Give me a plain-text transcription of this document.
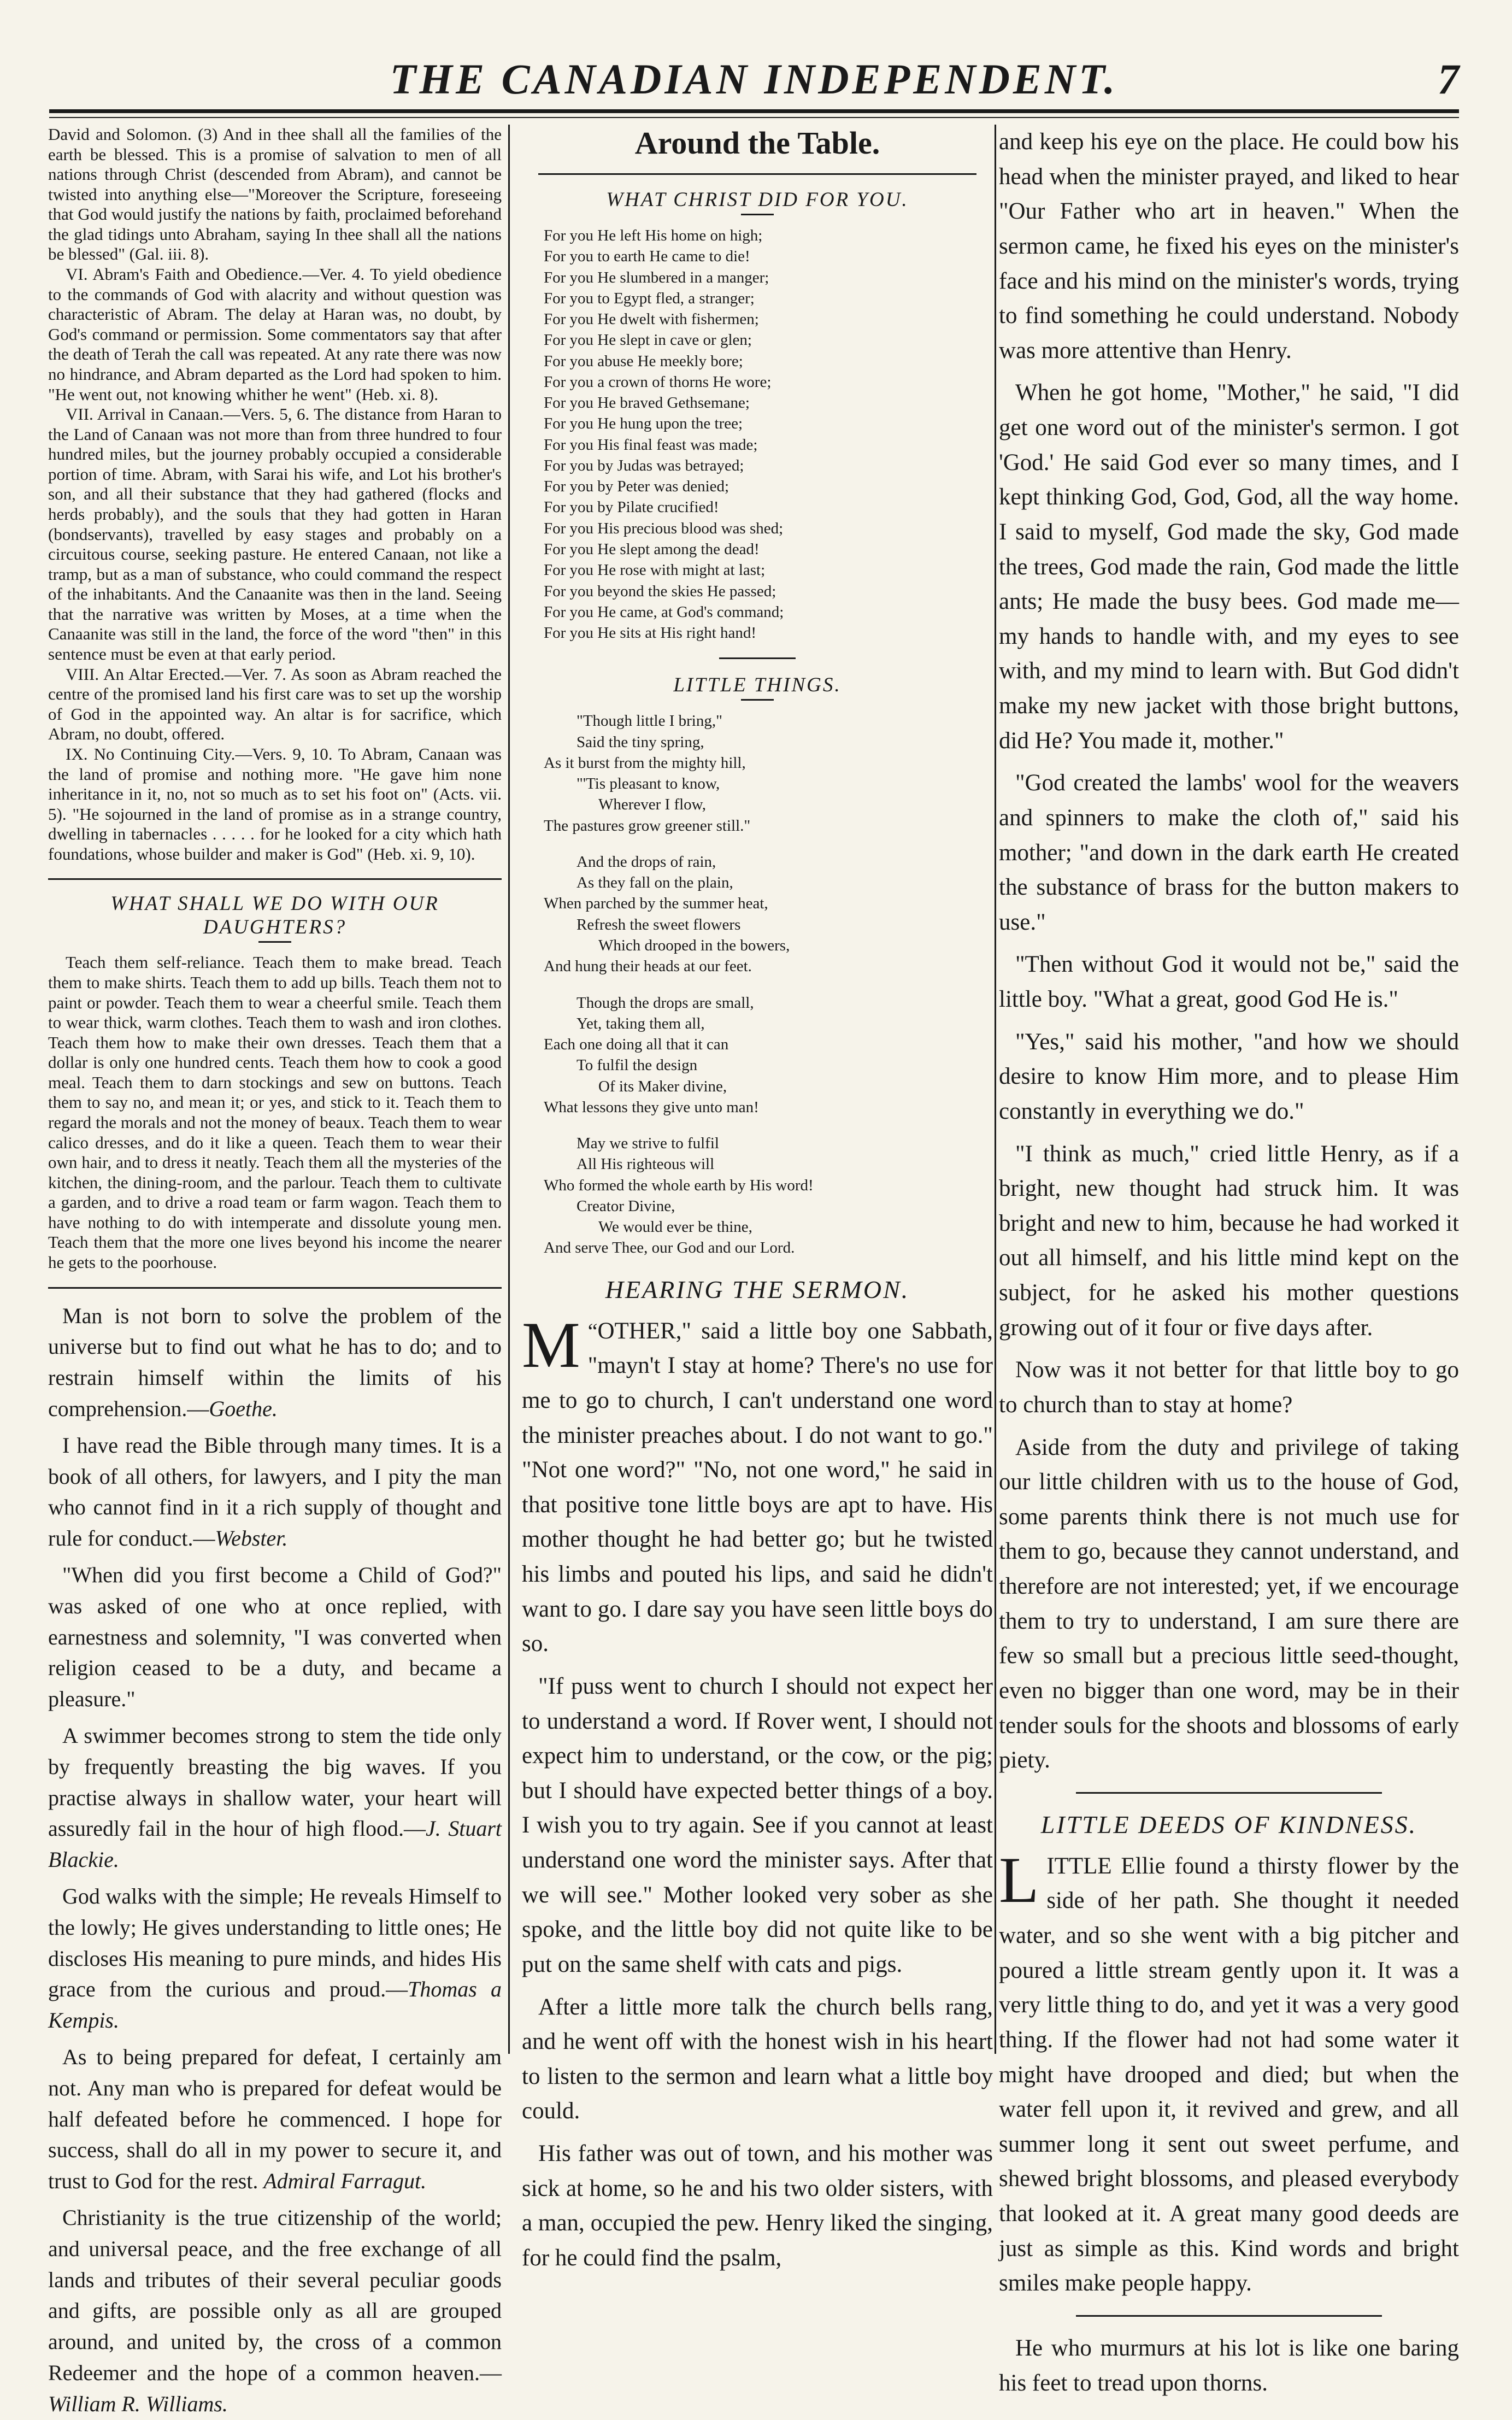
THE CANADIAN INDEPENDENT.	7

David and Solomon. (3) And in thee shall all the families of the earth be blessed. This is a promise of salvation to men of all nations through Christ (descended from Abram), and cannot be twisted into anything else—"Moreover the Scripture, foreseeing that God would justify the nations by faith, proclaimed beforehand the glad tidings unto Abraham, saying In thee shall all the nations be blessed" (Gal. iii. 8).

VI. Abram's Faith and Obedience.—Ver. 4. To yield obedience to the commands of God with alacrity and without question was characteristic of Abram. The delay at Haran was, no doubt, by God's command or permission. Some commentators say that after the death of Terah the call was repeated. At any rate there was now no hindrance, and Abram departed as the Lord had spoken to him. "He went out, not knowing whither he went" (Heb. xi. 8).

VII. Arrival in Canaan.—Vers. 5, 6. The distance from Haran to the Land of Canaan was not more than from three hundred to four hundred miles, but the journey probably occupied a considerable portion of time. Abram, with Sarai his wife, and Lot his brother's son, and all their substance that they had gathered (flocks and herds probably), and the souls that they had gotten in Haran (bondservants), travelled by easy stages and probably on a circuitous course, seeking pasture. He entered Canaan, not like a tramp, but as a man of substance, who could command the respect of the inhabitants. And the Canaanite was then in the land. Seeing that the narrative was written by Moses, at a time when the Canaanite was still in the land, the force of the word "then" in this sentence must be even at that early period.

VIII. An Altar Erected.—Ver. 7. As soon as Abram reached the centre of the promised land his first care was to set up the worship of God in the appointed way. An altar is for sacrifice, which Abram, no doubt, offered.

IX. No Continuing City.—Vers. 9, 10. To Abram, Canaan was the land of promise and nothing more. "He gave him none inheritance in it, no, not so much as to set his foot on" (Acts. vii. 5). "He sojourned in the land of promise as in a strange country, dwelling in tabernacles . . . . . for he looked for a city which hath foundations, whose builder and maker is God" (Heb. xi. 9, 10).

WHAT SHALL WE DO WITH OUR DAUGHTERS?

Teach them self-reliance. Teach them to make bread. Teach them to make shirts. Teach them to add up bills. Teach them not to paint or powder. Teach them to wear a cheerful smile. Teach them to wear thick, warm clothes. Teach them to wash and iron clothes. Teach them how to make their own dresses. Teach them that a dollar is only one hundred cents. Teach them how to cook a good meal. Teach them to darn stockings and sew on buttons. Teach them to say no, and mean it; or yes, and stick to it. Teach them to regard the morals and not the money of beaux. Teach them to wear calico dresses, and do it like a queen. Teach them to wear their own hair, and to dress it neatly. Teach them all the mysteries of the kitchen, the dining-room, and the parlour. Teach them to cultivate a garden, and to drive a road team or farm wagon. Teach them to have nothing to do with intemperate and dissolute young men. Teach them that the more one lives beyond his income the nearer he gets to the poorhouse.

Man is not born to solve the problem of the universe but to find out what he has to do; and to restrain himself within the limits of his comprehension.—Goethe.

I have read the Bible through many times. It is a book of all others, for lawyers, and I pity the man who cannot find in it a rich supply of thought and rule for conduct.—Webster.

"When did you first become a Child of God?" was asked of one who at once replied, with earnestness and solemnity, "I was converted when religion ceased to be a duty, and became a pleasure."

A swimmer becomes strong to stem the tide only by frequently breasting the big waves. If you practise always in shallow water, your heart will assuredly fail in the hour of high flood.—J. Stuart Blackie.

God walks with the simple; He reveals Himself to the lowly; He gives understanding to little ones; He discloses His meaning to pure minds, and hides His grace from the curious and proud.—Thomas a Kempis.

As to being prepared for defeat, I certainly am not. Any man who is prepared for defeat would be half defeated before he commenced. I hope for success, shall do all in my power to secure it, and trust to God for the rest. Admiral Farragut.

Christianity is the true citizenship of the world; and universal peace, and the free exchange of all lands and tributes of their several peculiar goods and gifts, are possible only as all are grouped around, and united by, the cross of a common Redeemer and the hope of a common heaven.—William R. Williams.

Around the Table.
WHAT CHRIST DID FOR YOU.
For you He left His home on high;
For you to earth He came to die!
For you He slumbered in a manger;
For you to Egypt fled, a stranger;
For you He dwelt with fishermen;
For you He slept in cave or glen;
For you abuse He meekly bore;
For you a crown of thorns He wore;
For you He braved Gethsemane;
For you He hung upon the tree;
For you His final feast was made;
For you by Judas was betrayed;
For you by Peter was denied;
For you by Pilate crucified!
For you His precious blood was shed;
For you He slept among the dead!
For you He rose with might at last;
For you beyond the skies He passed;
For you He came, at God's command;
For you He sits at His right hand!
LITTLE THINGS.
"Though little I bring,"
Said the tiny spring,
As it burst from the mighty hill,
"'Tis pleasant to know,
Wherever I flow,
The pastures grow greener still."
And the drops of rain,
As they fall on the plain,
When parched by the summer heat,
Refresh the sweet flowers
Which drooped in the bowers,
And hung their heads at our feet.
Though the drops are small,
Yet, taking them all,
Each one doing all that it can
To fulfil the design
Of its Maker divine,
What lessons they give unto man!
May we strive to fulfil
All His righteous will
Who formed the whole earth by His word!
Creator Divine,
We would ever be thine,
And serve Thee, our God and our Lord.
HEARING THE SERMON.

“
M OTHER," said a little boy one Sabbath, "mayn't I stay at home? There's no use for me to go to church, I can't understand one word the minister preaches about. I do not want to go." "Not one word?" "No, not one word," he said in that positive tone little boys are apt to have. His mother thought he had better go; but he twisted his limbs and pouted his lips, and said he didn't want to go. I dare say you have seen little boys do so.

"If puss went to church I should not expect her to understand a word. If Rover went, I should not expect him to understand, or the cow, or the pig; but I should have expected better things of a boy. I wish you to try again. See if you cannot at least understand one word the minister says. After that we will see." Mother looked very sober as she spoke, and the little boy did not quite like to be put on the same shelf with cats and pigs.

After a little more talk the church bells rang, and he went off with the honest wish in his heart to listen to the sermon and learn what a little boy could.

His father was out of town, and his mother was sick at home, so he and his two older sisters, with a man, occupied the pew. Henry liked the singing, for he could find the psalm,

and keep his eye on the place. He could bow his head when the minister prayed, and liked to hear "Our Father who art in heaven." When the sermon came, he fixed his eyes on the minister's face and his mind on the minister's words, trying to find something he could understand. Nobody was more attentive than Henry.

When he got home, "Mother," he said, "I did get one word out of the minister's sermon. I got 'God.' He said God ever so many times, and I kept thinking God, God, God, all the way home. I said to myself, God made the sky, God made the trees, God made the rain, God made the little ants; He made the busy bees. God made me—my hands to handle with, and my eyes to see with, and my mind to learn with. But God didn't make my new jacket with those bright buttons, did He? You made it, mother."

"God created the lambs' wool for the weavers and spinners to make the cloth of," said his mother; "and down in the dark earth He created the substance of brass for the button makers to use."

"Then without God it would not be," said the little boy. "What a great, good God He is."

"Yes," said his mother, "and how we should desire to know Him more, and to please Him constantly in everything we do."

"I think as much," cried little Henry, as if a bright, new thought had struck him. It was bright and new to him, because he had worked it out all himself, and his little mind kept on the subject, for he asked his mother questions growing out of it four or five days after.

Now was it not better for that little boy to go to church than to stay at home?

Aside from the duty and privilege of taking our little children with us to the house of God, some parents think there is not much use for them to go, because they cannot understand, and therefore are not interested; yet, if we encourage them to try to understand, I am sure there are few so small but a precious little seed-thought, even no bigger than one word, may be in their tender souls for the shoots and blossoms of early piety.

LITTLE DEEDS OF KINDNESS.

LITTLE Ellie found a thirsty flower by the side of her path. She thought it needed water, and so she went with a big pitcher and poured a little stream gently upon it. It was a very little thing to do, and yet it was a very good thing. If the flower had not had some water it might have drooped and died; but when the water fell upon it, it revived and grew, and all summer long it sent out sweet perfume, and shewed bright blossoms, and pleased everybody that looked at it. A great many good deeds are just as simple as this. Kind words and bright smiles make people happy.

He who murmurs at his lot is like one baring his feet to tread upon thorns.
